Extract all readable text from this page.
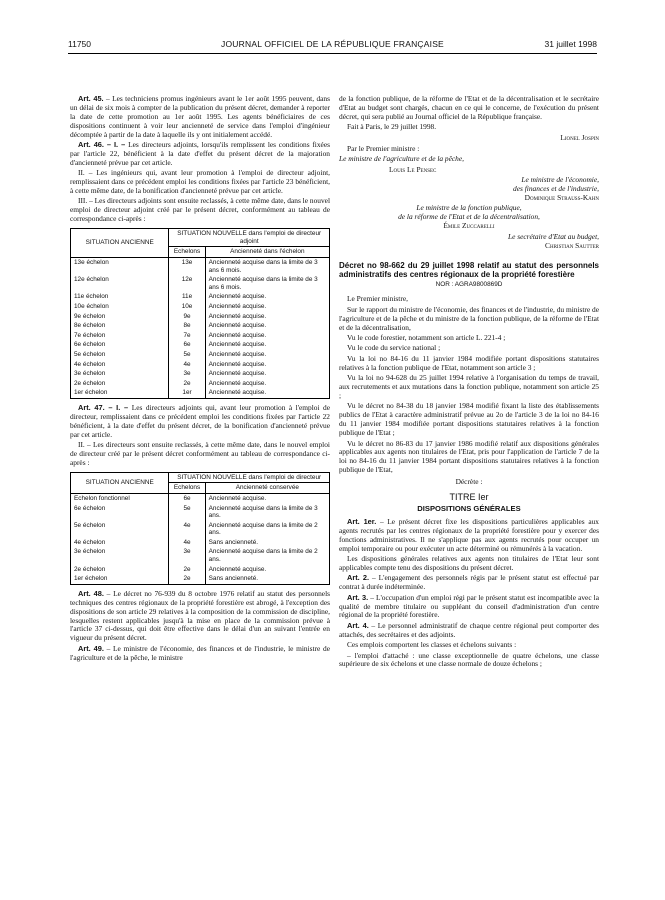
11750	JOURNAL OFFICIEL DE LA RÉPUBLIQUE FRANÇAISE	31 juillet 1998

Art. 45. – Les techniciens promus ingénieurs avant le 1er août 1995 peuvent, dans un délai de six mois à compter de la publication du présent décret, demander à reporter la date de cette promotion au 1er août 1995. Les agents bénéficiaires de ces dispositions continuent à voir leur ancienneté de service dans l'emploi d'ingénieur décomptée à partir de la date à laquelle ils y ont initialement accédé.

Art. 46. – I. – Les directeurs adjoints, lorsqu'ils remplissent les conditions fixées par l'article 22, bénéficient à la date d'effet du présent décret de la majoration d'ancienneté prévue par cet article.

II. – Les ingénieurs qui, avant leur promotion à l'emploi de directeur adjoint, remplissaient dans ce précédent emploi les conditions fixées par l'article 23 bénéficient, à cette même date, de la bonification d'ancienneté prévue par cet article.

III. – Les directeurs adjoints sont ensuite reclassés, à cette même date, dans le nouvel emploi de directeur adjoint créé par le présent décret, conformément au tableau de correspondance ci-après :

SITUATION ANCIENNE	SITUATION NOUVELLE dans l'emploi de directeur adjoint	
	Echelons	Ancienneté dans l'échelon
13e échelon	13e	Ancienneté acquise dans la limite de 3 ans 6 mois.
12e échelon	12e	Ancienneté acquise dans la limite de 3 ans 6 mois.
11e échelon	11e	Ancienneté acquise.
10e échelon	10e	Ancienneté acquise.
9e échelon	9e	Ancienneté acquise.
8e échelon	8e	Ancienneté acquise.
7e échelon	7e	Ancienneté acquise.
6e échelon	6e	Ancienneté acquise.
5e échelon	5e	Ancienneté acquise.
4e échelon	4e	Ancienneté acquise.
3e échelon	3e	Ancienneté acquise.
2e échelon	2e	Ancienneté acquise.
1er échelon	1er	Ancienneté acquise.

Art. 47. – I. – Les directeurs adjoints qui, avant leur promotion à l'emploi de directeur, remplissaient dans ce précédent emploi les conditions fixées par l'article 22 bénéficient, à la date d'effet du présent décret, de la bonification d'ancienneté prévue par cet article.

II. – Les directeurs sont ensuite reclassés, à cette même date, dans le nouvel emploi de directeur créé par le présent décret conformément au tableau de correspondance ci-après :

SITUATION ANCIENNE	SITUATION NOUVELLE dans l'emploi de directeur	
	Echelons	Ancienneté conservée
Echelon fonctionnel	6e	Ancienneté acquise.
6e échelon	5e	Ancienneté acquise dans la limite de 3 ans.
5e échelon	4e	Ancienneté acquise dans la limite de 2 ans.
4e échelon	4e	Sans ancienneté.
3e échelon	3e	Ancienneté acquise dans la limite de 2 ans.
2e échelon	2e	Ancienneté acquise.
1er échelon	2e	Sans ancienneté.

Art. 48. – Le décret no 76-939 du 8 octobre 1976 relatif au statut des personnels techniques des centres régionaux de la propriété forestière est abrogé, à l'exception des dispositions de son article 29 relatives à la composition de la commission de discipline, lesquelles restent applicables jusqu'à la mise en place de la commission prévue à l'article 37 ci-dessus, qui doit être effective dans le délai d'un an suivant l'entrée en vigueur du présent décret.

Art. 49. – Le ministre de l'économie, des finances et de l'industrie, le ministre de l'agriculture et de la pêche, le ministre

de la fonction publique, de la réforme de l'Etat et de la décentralisation et le secrétaire d'Etat au budget sont chargés, chacun en ce qui le concerne, de l'exécution du présent décret, qui sera publié au Journal officiel de la République française.

Fait à Paris, le 29 juillet 1998.

Lionel Jospin

Par le Premier ministre :

Le ministre de l'agriculture et de la pêche,

Louis Le Pensec

Le ministre de l'économie,

des finances et de l'industrie,

Dominique Strauss-Kahn

Le ministre de la fonction publique,

de la réforme de l'Etat et de la décentralisation,

Émile Zuccarelli

Le secrétaire d'Etat au budget,

Christian Sautter

Décret no 98-662 du 29 juillet 1998 relatif au statut des personnels administratifs des centres régionaux de la propriété forestière

NOR : AGRA9800869D

Le Premier ministre,

Sur le rapport du ministre de l'économie, des finances et de l'industrie, du ministre de l'agriculture et de la pêche et du ministre de la fonction publique, de la réforme de l'Etat et de la décentralisation,

Vu le code forestier, notamment son article L. 221-4 ;

Vu le code du service national ;

Vu la loi no 84-16 du 11 janvier 1984 modifiée portant dispositions statutaires relatives à la fonction publique de l'Etat, notamment son article 3 ;

Vu la loi no 94-628 du 25 juillet 1994 relative à l'organisation du temps de travail, aux recrutements et aux mutations dans la fonction publique, notamment son article 25 ;

Vu le décret no 84-38 du 18 janvier 1984 modifié fixant la liste des établissements publics de l'Etat à caractère administratif prévue au 2o de l'article 3 de la loi no 84-16 du 11 janvier 1984 modifiée portant dispositions statutaires relatives à la fonction publique de l'Etat ;

Vu le décret no 86-83 du 17 janvier 1986 modifié relatif aux dispositions générales applicables aux agents non titulaires de l'Etat, pris pour l'application de l'article 7 de la loi no 84-16 du 11 janvier 1984 portant dispositions statutaires relatives à la fonction publique de l'Etat,

Décrète :

TITRE Ier

DISPOSITIONS GÉNÉRALES

Art. 1er. – Le présent décret fixe les dispositions particulières applicables aux agents recrutés par les centres régionaux de la propriété forestière pour y exercer des fonctions administratives. Il ne s'applique pas aux agents recrutés pour occuper un emploi temporaire ou pour exécuter un acte déterminé ou rémunérés à la vacation.

Les dispositions générales relatives aux agents non titulaires de l'Etat leur sont applicables compte tenu des dispositions du présent décret.

Art. 2. – L'engagement des personnels régis par le présent statut est effectué par contrat à durée indéterminée.

Art. 3. – L'occupation d'un emploi régi par le présent statut est incompatible avec la qualité de membre titulaire ou suppléant du conseil d'administration d'un centre régional de la propriété forestière.

Art. 4. – Le personnel administratif de chaque centre régional peut comporter des attachés, des secrétaires et des adjoints.

Ces emplois comportent les classes et échelons suivants :

– l'emploi d'attaché : une classe exceptionnelle de quatre échelons, une classe supérieure de six échelons et une classe normale de douze échelons ;
